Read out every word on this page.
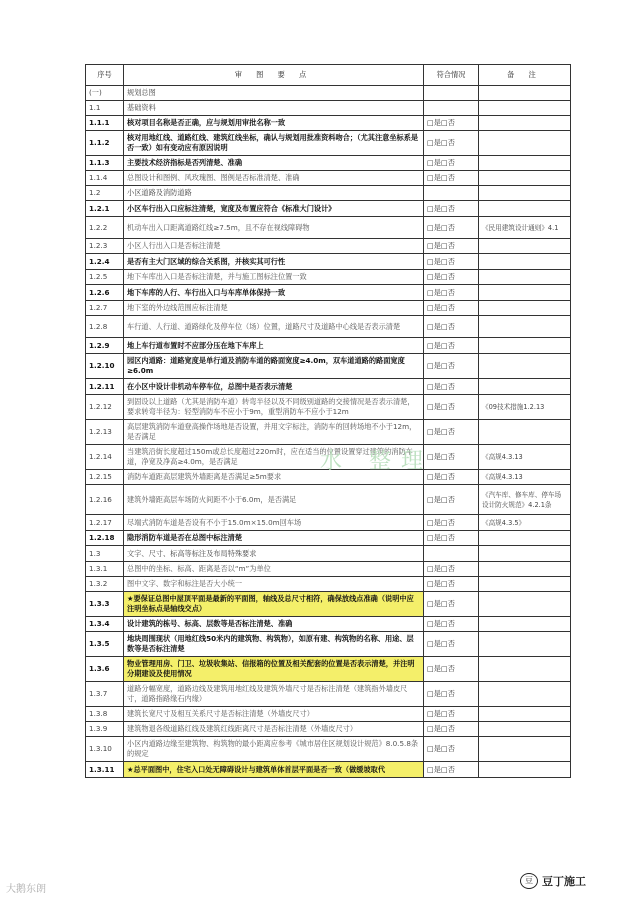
序号	审 图 要 点	符合情况	备 注
(一)	规划总图		
1.1	基础资料		
1.1.1	核对项目名称是否正确，应与规划用审批名称一致	□是□否	
1.1.2	核对用地红线、道路红线、建筑红线坐标，确认与规划用批准资料吻合；（尤其注意坐标系是否一致）如有变动应有原因说明	□是□否	
1.1.3	主要技术经济指标是否列清楚、准确	□是□否	
1.1.4	总图设计和图例、风玫瑰图、图例是否标准清楚、准确	□是□否	
1.2	小区道路及消防道路		
1.2.1	小区车行出入口应标注清楚，宽度及布置应符合《标准大门设计》	□是□否	
1.2.2	机动车出入口距离道路红线≥7.5m，且不存在视线障碍物	□是□否	《民用建筑设计通则》4.1
1.2.3	小区人行出入口是否标注清楚	□是□否	
1.2.4	是否有主大门区域的综合关系图，并核实其可行性	□是□否	
1.2.5	地下车库出入口是否标注清楚，并与施工图标注位置一致	□是□否	
1.2.6	地下车库的人行、车行出入口与车库单体保持一致	□是□否	
1.2.7	地下室的外边线范围应标注清楚	□是□否	
1.2.8	车行道、人行道、道路绿化及停车位（场）位置，道路尺寸及道路中心线是否表示清楚	□是□否	
1.2.9	地上车行道布置时不应部分压在地下车库上	□是□否	
1.2.10	园区内道路：道路宽度是单行道及消防车道的路面宽度≥4.0m，双车道道路的路面宽度≥6.0m	□是□否	
1.2.11	在小区中设计非机动车停车位，总图中是否表示清楚	□是□否	
1.2.12	到固设以上道路（尤其是消防车道）转弯半径以及不同级别道路的交接情况是否表示清楚，要求转弯半径为：轻型消防车不应小于9m，重型消防车不应小于12m	□是□否	《09技术措施1.2.13
1.2.13	高层建筑消防车道登高操作场地是否设置，并用文字标注，消防车的回转场地不小于12m，是否满足	□是□否	
1.2.14	当建筑沿街长度超过150m或总长度超过220m时，应在适当的位置设置穿过建筑的消防车道，净宽及净高≥4.0m，是否满足	□是□否	《高规4.3.13
1.2.15	消防车道距高层建筑外墙距离是否满足≥5m要求	□是□否	《高规4.3.13
1.2.16	建筑外墙距高层车场防火间距不小于6.0m，是否满足	□是□否	《汽车库、修车库、停车场设计防火规范》4.2.1条
1.2.17	尽端式消防车道是否设有不小于15.0m×15.0m回车场	□是□否	《高规4.3.5》
1.2.18	隐形消防车道是否在总图中标注清楚	□是□否	
1.3	文字、尺寸、标高等标注及布局特殊要求		
1.3.1	总图中的坐标、标高、距离是否以“m”为单位	□是□否	
1.3.2	图中文字、数字和标注是否大小统一	□是□否	
1.3.3	★要保证总图中屋顶平面是最新的平面图，轴线及总尺寸相符，确保放线点准确（说明中应注明坐标点是轴线交点）	□是□否	
1.3.4	设计建筑的栋号、标高、层数等是否标注清楚、准确	□是□否	
1.3.5	地块周围现状（用地红线50米内的建筑物、构筑物），如原有建、构筑物的名称、用途、层数等是否标注清楚	□是□否	
1.3.6	物业管理用房、门卫、垃圾收集站、信报箱的位置及相关配套的位置是否表示清楚，并注明分期建设及使用情况	□是□否	
1.3.7	道路分幅宽度，道路边线及建筑用地红线及建筑外墙尺寸是否标注清楚（建筑指外墙皮尺寸，道路指路缘石内缘）	□是□否	
1.3.8	建筑长宽尺寸及相互关系尺寸是否标注清楚（外墙皮尺寸）	□是□否	
1.3.9	建筑物退各级道路红线及建筑红线距离尺寸是否标注清楚（外墙皮尺寸）	□是□否	
1.3.10	小区内道路边缘至建筑物、构筑物的最小距离应参考《城市居住区规划设计规范》8.0.5.8条的规定	□是□否	
1.3.11	★总平面图中，住宅入口处无障碍设计与建筑单体首层平面是否一致（做缓坡取代	□是□否	
水 整理
大鹅东朗
豆 豆丁施工
